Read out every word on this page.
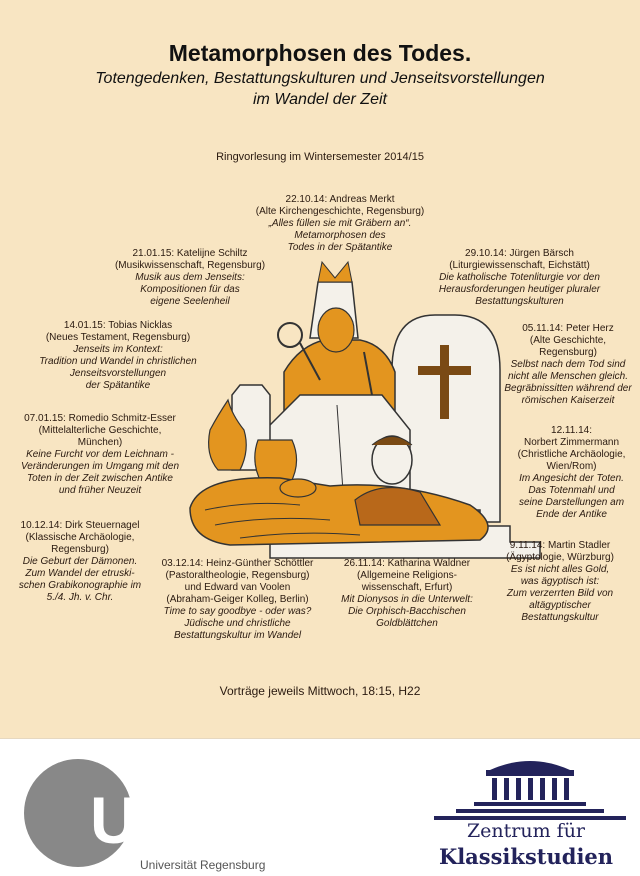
Metamorphosen des Todes.
Totengedenken, Bestattungskulturen und Jenseitsvorstellungen
im Wandel der Zeit
Ringvorlesung im Wintersemester 2014/15
22.10.14: Andreas Merkt
(Alte Kirchengeschichte, Regensburg)
„Alles füllen sie mit Gräbern an“.
Metamorphosen des
Todes in der Spätantike
29.10.14: Jürgen Bärsch
(Liturgiewissenschaft, Eichstätt)
Die katholische Totenliturgie vor den
Herausforderungen heutiger pluraler
Bestattungskulturen
05.11.14: Peter Herz
(Alte Geschichte,
Regensburg)
Selbst nach dem Tod sind
nicht alle Menschen gleich.
Begräbnissitten während der
römischen Kaiserzeit
12.11.14:
Norbert Zimmermann
(Christliche Archäologie,
Wien/Rom)
Im Angesicht der Toten.
Das Totenmahl und
seine Darstellungen am
Ende der Antike
9.11.14: Martin Stadler
(Ägyptologie, Würzburg)
Es ist nicht alles Gold,
was ägyptisch ist:
Zum verzerrten Bild von
altägyptischer
Bestattungskultur
26.11.14: Katharina Waldner
(Allgemeine Religions-
wissenschaft, Erfurt)
Mit Dionysos in die Unterwelt:
Die Orphisch-Bacchischen
Goldblättchen
03.12.14: Heinz-Günther Schöttler
(Pastoraltheologie, Regensburg)
und Edward van Voolen
(Abraham-Geiger Kolleg, Berlin)
Time to say goodbye - oder was?
Jüdische und christliche
Bestattungskultur im Wandel
10.12.14: Dirk Steuernagel
(Klassische Archäologie,
Regensburg)
Die Geburt der Dämonen.
Zum Wandel der etruski-
schen Grabikonographie im
5./4. Jh. v. Chr.
07.01.15: Romedio Schmitz-Esser
(Mittelalterliche Geschichte,
München)
Keine Furcht vor dem Leichnam -
Veränderungen im Umgang mit den
Toten in der Zeit zwischen Antike
und früher Neuzeit
14.01.15: Tobias Nicklas
(Neues Testament, Regensburg)
Jenseits im Kontext:
Tradition und Wandel in christlichen
Jenseitsvorstellungen
der Spätantike
21.01.15: Katelijne Schiltz
(Musikwissenschaft, Regensburg)
Musik aus dem Jenseits:
Kompositionen für das
eigene Seelenheil
Vorträge jeweils Mittwoch, 18:15, H22
UR
Universität Regensburg
Zentrum für
Klassikstudien
